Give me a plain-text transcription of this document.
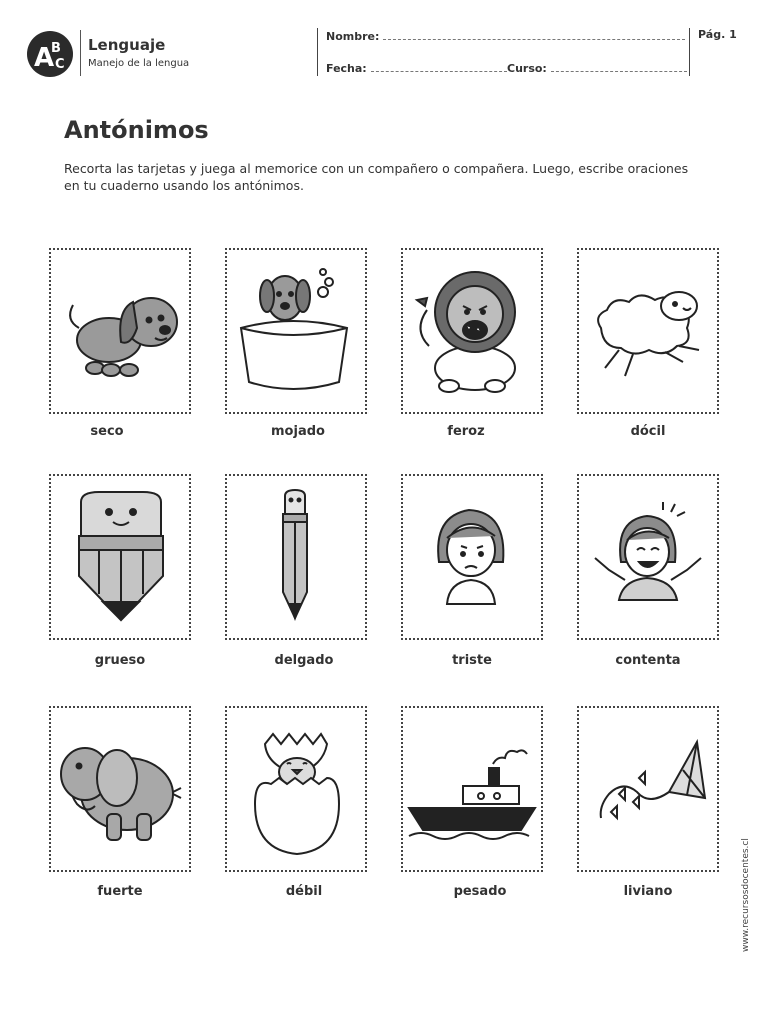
A
B
C
Lenguaje
Manejo de la lengua
Nombre:
Fecha:	Curso:
Pág. 1
Antónimos
Recorta las tarjetas y juega al memorice con un compañero o compañera. Luego, escribe oraciones
en tu cuaderno usando los antónimos.
seco	mojado	feroz	dócil
grueso	delgado	triste	contenta
fuerte	débil	pesado	liviano	www.recursosdocentes.cl
